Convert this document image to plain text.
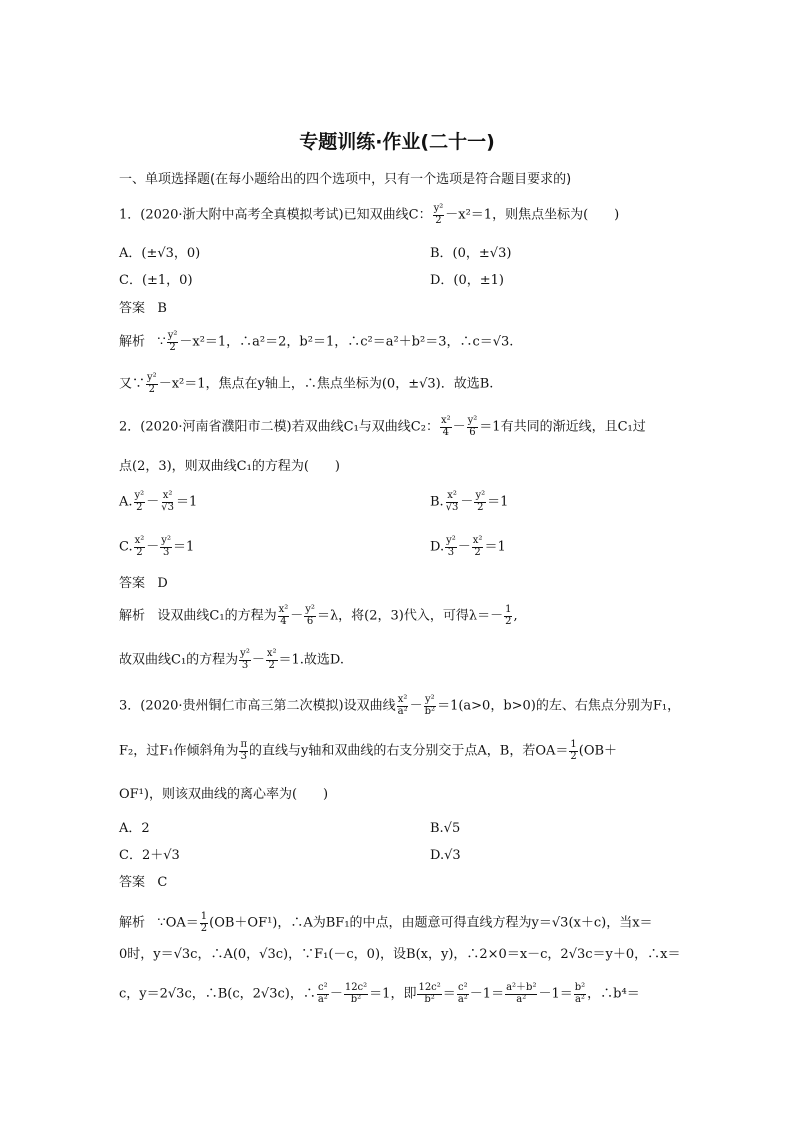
专题训练·作业(二十一)
一、单项选择题(在每小题给出的四个选项中，只有一个选项是符合题目要求的)
1．(2020·浙大附中高考全真模拟考试)已知双曲线C： $\frac{\text{y²}}{2} -x^2=1$，则焦点坐标为(　　)
A．(±√3，0)	B．(0，±√3)
C．(±1，0)	D．(0，±1)
答案 B
解析   ∵ $\frac{\text{y²}}{2} -x^2=1$，∴a²＝2，b²＝1，∴c²＝a²＋b²＝3，∴c＝√3.
又∵ $\frac{\text{y²}}{2} -x^2=1$，焦点在y轴上，∴焦点坐标为(0，±√3)．故选B.
2．(2020·河南省濮阳市二模)若双曲线C₁与双曲线C₂： $\frac{\text{x²}}{4} - \frac{\text{y²}}{6} =1$有共同的渐近线，且C₁过
点(2，3)，则双曲线C₁的方程为(　　)
A. $\frac{\text{y²}}{2} - \frac{\text{x²}}{√3} =1$	B. $\frac{\text{x²}}{√3} - \frac{\text{y²}}{2} =1$
C. $\frac{\text{x²}}{2} - \frac{\text{y²}}{3} =1$	D. $\frac{\text{y²}}{3} - \frac{\text{x²}}{2} =1$
答案 D
解析 设双曲线C₁的方程为 $\frac{\text{x²}}{4} - \frac{\text{y²}}{6} =\lambda$，将(2，3)代入，可得$\lambda=- \frac{1}{2}$ ,
故双曲线C₁的方程为 $\frac{\text{y²}}{3} - \frac{\text{x²}}{2} =1$.故选D.
3．(2020·贵州铜仁市高三第二次模拟)设双曲线 $\frac{\text{x²}}{\text{a²}} - \frac{\text{y²}}{\text{b²}} =1(a>0$，b>0)的左、右焦点分别为F₁，
F₂，过F₁作倾斜角为 $\frac{\pi}{3}$ 的直线与y轴和双曲线的右支分别交于点A，B，若$OA= \frac{1}{2} (OB+$
OF¹)，则该双曲线的离心率为(　　)
A．2	B.√5
C．2＋√3	D.√3
答案 C
解析 ∵OA＝ $\frac{1}{2} (OB+OF^1)$，∴A为BF₁的中点，由题意可得直线方程为y＝√3(x＋c)，当x＝
0时，y＝√3c，∴A(0，√3c)，∵F₁(－c，0)，设B(x，y)，∴2×0＝x－c，2√3c＝y＋0，∴x＝
c，y＝2√3c，∴B(c，2√3c)，∴ $\frac{\text{c²}}{\text{a²}} - \frac{\text{12c²}}{\text{b²}} =1$，即 $\frac{\text{12c²}}{\text{b²}} = \frac{\text{c²}}{\text{a²}} -1= \frac{\text{a²＋b²}}{\text{a²}} -1= \frac{\text{b²}}{\text{a²}}$ ，∴b⁴＝
